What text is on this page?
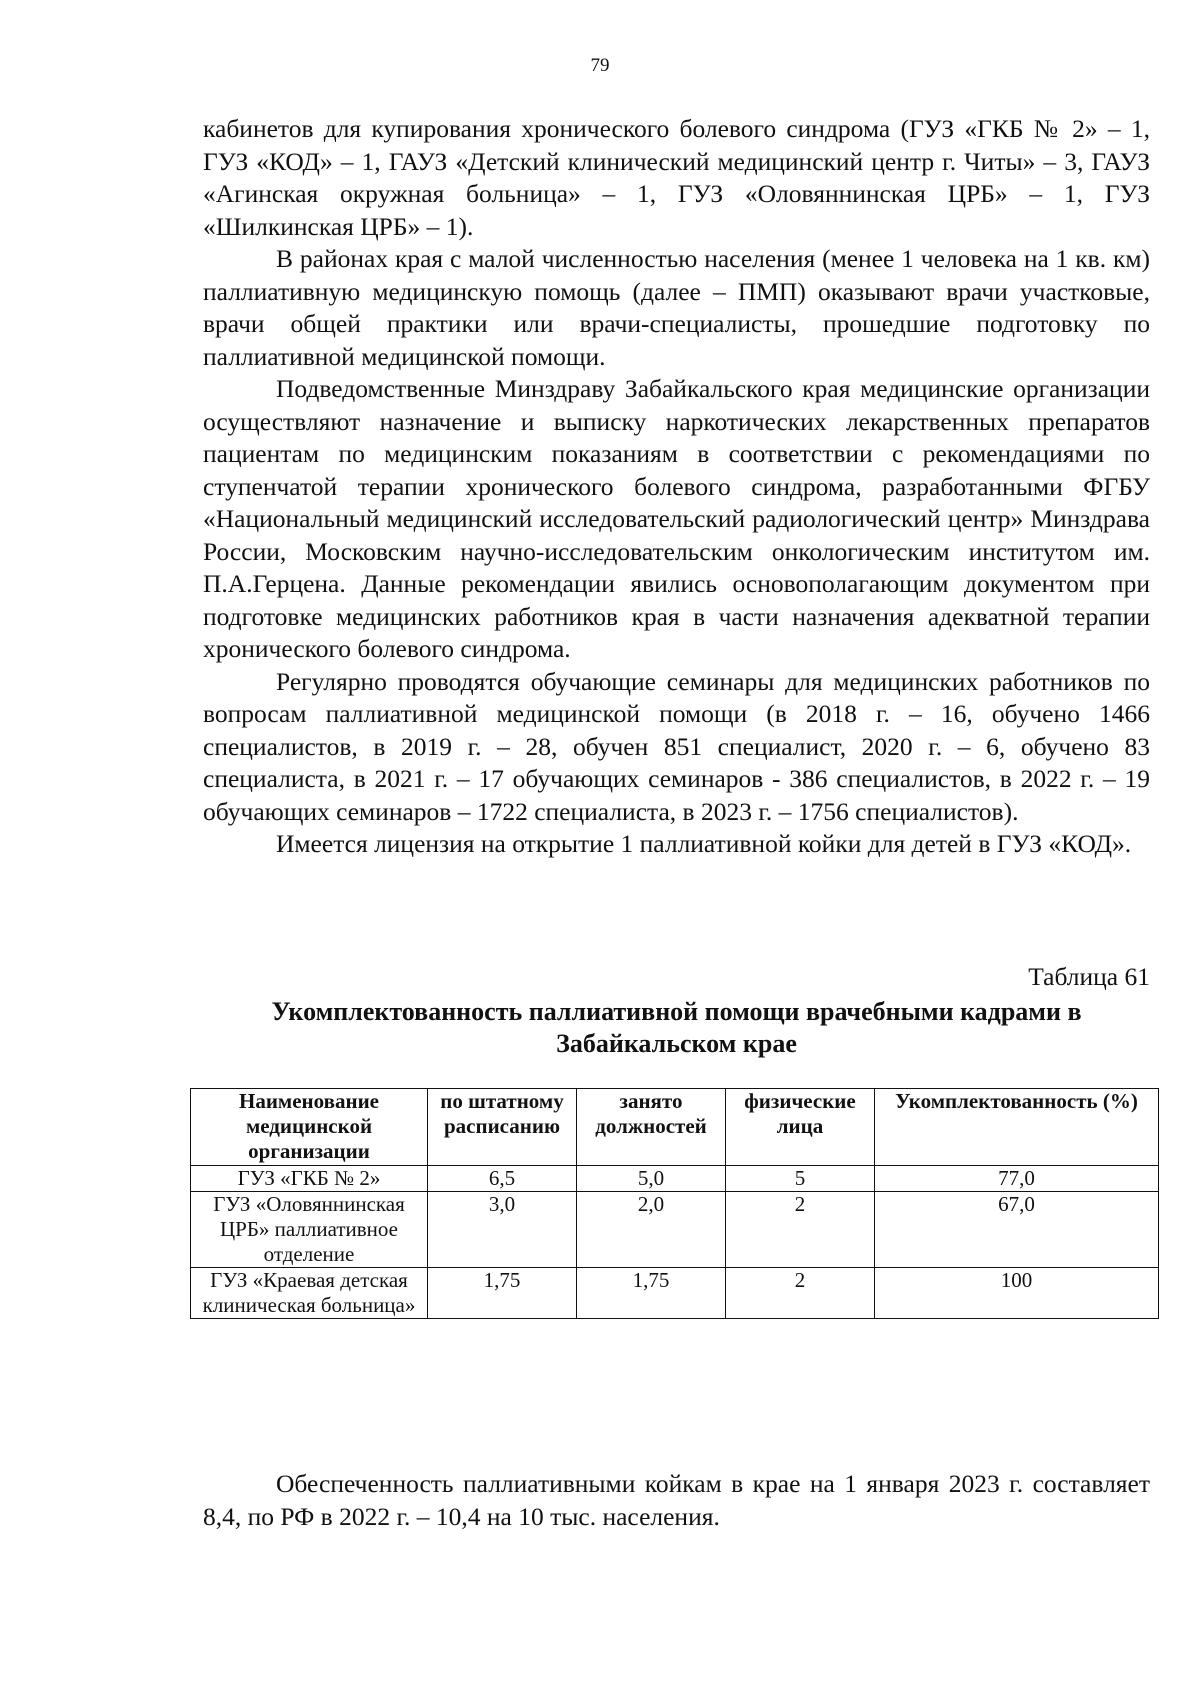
79

кабинетов для купирования хронического болевого синдрома (ГУЗ «ГКБ № 2» – 1, ГУЗ «КОД» – 1, ГАУЗ «Детский клинический медицинский центр г. Читы» – 3, ГАУЗ «Агинская окружная больница» – 1, ГУЗ «Оловяннинская ЦРБ» – 1, ГУЗ «Шилкинская ЦРБ» – 1).

В районах края с малой численностью населения (менее 1 человека на 1 кв. км) паллиативную медицинскую помощь (далее – ПМП) оказывают врачи участковые, врачи общей практики или врачи-специалисты, прошедшие подготовку по паллиативной медицинской помощи.

Подведомственные Минздраву Забайкальского края медицинские организации осуществляют назначение и выписку наркотических лекарственных препаратов пациентам по медицинским показаниям в соответствии с рекомендациями по ступенчатой терапии хронического болевого синдрома, разработанными ФГБУ «Национальный медицинский исследовательский радиологический центр» Минздрава России, Московским научно-исследовательским онкологическим институтом им. П.А.Герцена. Данные рекомендации явились основополагающим документом при подготовке медицинских работников края в части назначения адекватной терапии хронического болевого синдрома.

Регулярно проводятся обучающие семинары для медицинских работников по вопросам паллиативной медицинской помощи (в 2018 г. – 16, обучено 1466 специалистов, в 2019 г. – 28, обучен 851 специалист, 2020 г. – 6, обучено 83 специалиста, в 2021 г. – 17 обучающих семинаров - 386 специалистов, в 2022 г. – 19 обучающих семинаров – 1722 специалиста, в 2023 г. – 1756 специалистов).

Имеется лицензия на открытие 1 паллиативной койки для детей в ГУЗ «КОД».

Таблица 61
Укомплектованность паллиативной помощи врачебными кадрами в
Забайкальском крае
Наименование медицинской организации	по штатному расписанию	занято должностей	физические лица	Укомплектованность (%)
ГУЗ «ГКБ № 2»	6,5	5,0	5	77,0
ГУЗ «Оловяннинская ЦРБ» паллиативное отделение	3,0	2,0	2	67,0
ГУЗ «Краевая детская клиническая больница»	1,75	1,75	2	100

Обеспеченность паллиативными койкам в крае на 1 января 2023 г. составляет 8,4, по РФ в 2022 г. – 10,4 на 10 тыс. населения.
